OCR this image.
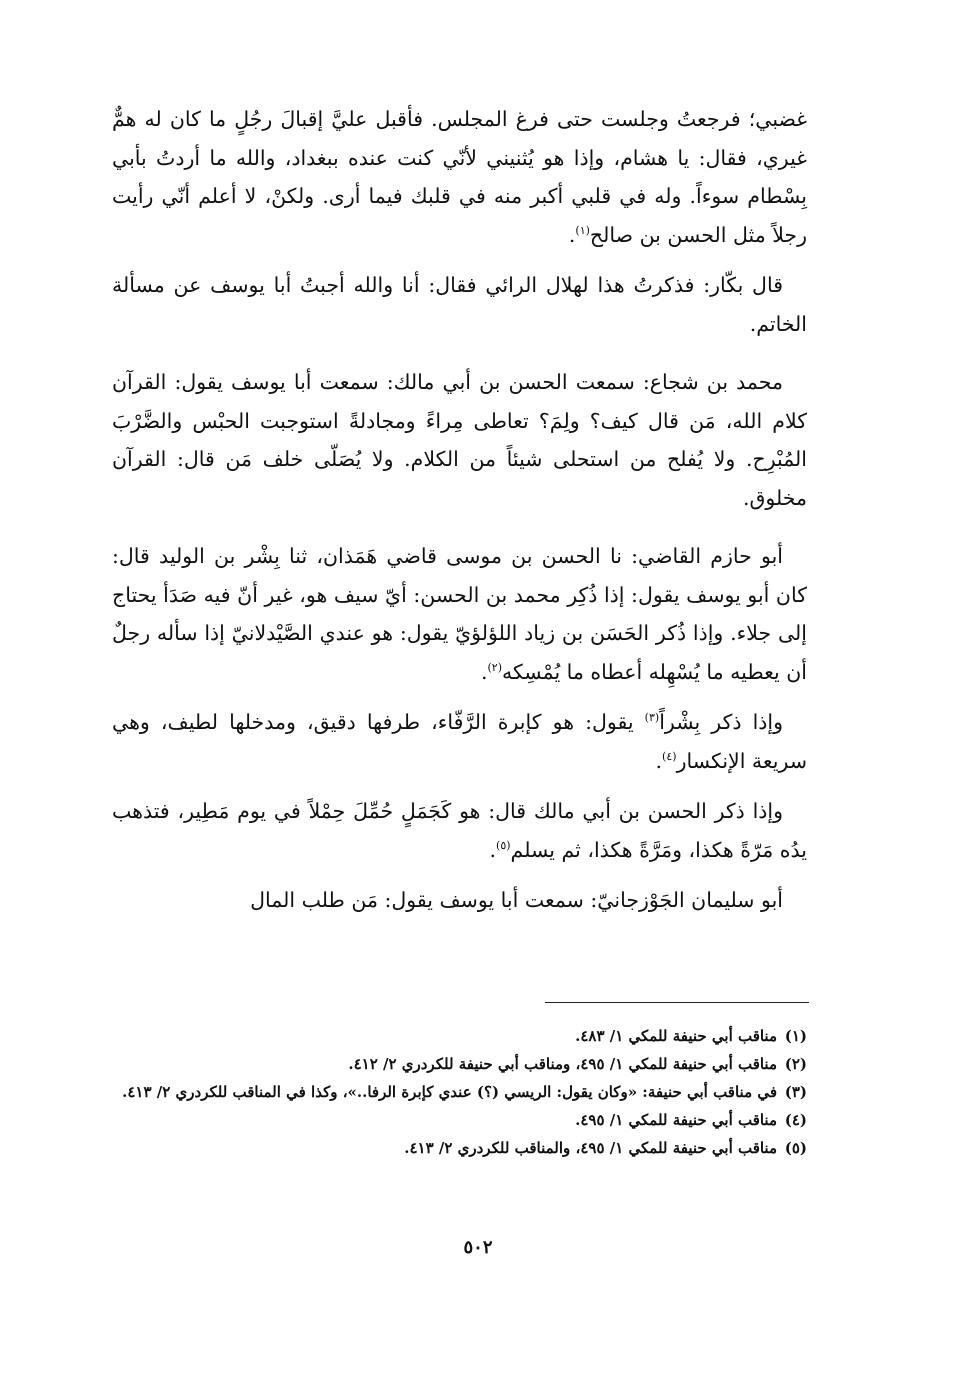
غضبي؛ فرجعتُ وجلست حتى فرغ المجلس. فأقبل عليَّ إقبالَ رجُلٍ ما كان له همٌّ غيري، فقال: يا هشام، وإذا هو يُثنيني لأنّي كنت عنده ببغداد، والله ما أردتُ بأبي بِسْطام سوءاً. وله في قلبي أكبر منه في قلبك فيما أرى. ولكنْ، لا أعلم أنّي رأيت رجلاً مثل الحسن بن صالح$^{(١)}$.

قال بكّار: فذكرتُ هذا لهلال الرائي فقال: أنا والله أجبتُ أبا يوسف عن مسألة الخاتم.

محمد بن شجاع: سمعت الحسن بن أبي مالك: سمعت أبا يوسف يقول: القرآن كلام الله، مَن قال كيف؟ ولِمَ؟ تعاطى مِراءً ومجادلةً استوجبت الحبْس والضَّرْبَ المُبْرِح. ولا يُفلح من استحلى شيئاً من الكلام. ولا يُصَلّى خلف مَن قال: القرآن مخلوق.

أبو حازم القاضي: نا الحسن بن موسى قاضي هَمَذان، ثنا بِشْر بن الوليد قال: كان أبو يوسف يقول: إذا ذُكِر محمد بن الحسن: أيّ سيف هو، غير أنّ فيه صَدَأ يحتاج إلى جلاء. وإذا ذُكر الحَسَن بن زياد اللؤلؤيّ يقول: هو عندي الصَّيْدلانيّ إذا سأله رجلٌ أن يعطيه ما يُسْهِله أعطاه ما يُمْسِكه$^{(٢)}$.

وإذا ذكر بِشْراً$^{(٣)}$ يقول: هو كإبرة الرَّفّاء، طرفها دقيق، ومدخلها لطيف، وهي سريعة الإنكسار$^{(٤)}$.

وإذا ذكر الحسن بن أبي مالك قال: هو كَجَمَلٍ حُمِّلَ حِمْلاً في يوم مَطِير، فتذهب يدُه مَرّةً هكذا، ومَرَّةً هكذا، ثم يسلم$^{(٥)}$.

أبو سليمان الجَوْزجانيّ: سمعت أبا يوسف يقول: مَن طلب المال

(١)
مناقب أبي حنيفة للمكي ١/ ٤٨٣.
(٢)
مناقب أبي حنيفة للمكي ١/ ٤٩٥، ومناقب أبي حنيفة للكردري ٢/ ٤١٢.
(٣)
في مناقب أبي حنيفة: «وكان يقول: الريسي (؟) عندي كإبرة الرفا..»، وكذا في المناقب للكردري ٢/ ٤١٣.
(٤)
مناقب أبي حنيفة للمكي ١/ ٤٩٥.
(٥)
مناقب أبي حنيفة للمكي ١/ ٤٩٥، والمناقب للكردري ٢/ ٤١٣.
٥٠٢
